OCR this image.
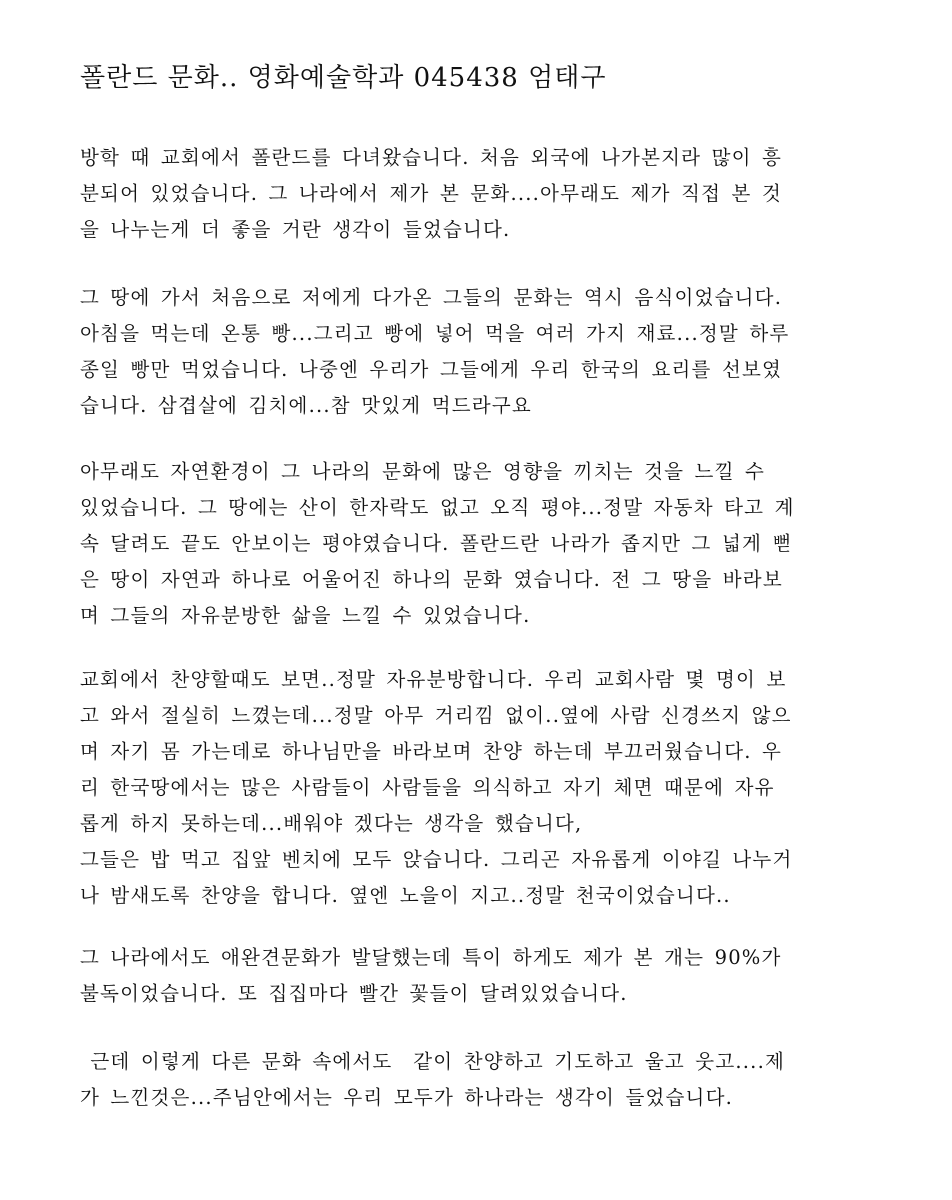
폴란드 문화.. 영화예술학과 045438 엄태구
방학 때 교회에서 폴란드를 다녀왔습니다. 처음 외국에 나가본지라 많이 흥
분되어 있었습니다. 그 나라에서 제가 본 문화....아무래도 제가 직접 본 것
을 나누는게 더 좋을 거란 생각이 들었습니다.
그 땅에 가서 처음으로 저에게 다가온 그들의 문화는 역시 음식이었습니다.
아침을 먹는데 온통 빵...그리고 빵에 넣어 먹을 여러 가지 재료...정말 하루
종일 빵만 먹었습니다. 나중엔 우리가 그들에게 우리 한국의 요리를 선보였
습니다. 삼겹살에 김치에...참 맛있게 먹드라구요
아무래도 자연환경이 그 나라의 문화에 많은 영향을 끼치는 것을 느낄 수
있었습니다. 그 땅에는 산이 한자락도 없고 오직 평야...정말 자동차 타고 계
속 달려도 끝도 안보이는 평야였습니다. 폴란드란 나라가 좁지만 그 넓게 뻗
은 땅이 자연과 하나로 어울어진 하나의 문화 였습니다. 전 그 땅을 바라보
며 그들의 자유분방한 삶을 느낄 수 있었습니다.
교회에서 찬양할때도 보면..정말 자유분방합니다. 우리 교회사람 몇 명이 보
고 와서 절실히 느꼈는데...정말 아무 거리낌 없이..옆에 사람 신경쓰지 않으
며 자기 몸 가는데로 하나님만을 바라보며 찬양 하는데 부끄러웠습니다. 우
리 한국땅에서는 많은 사람들이 사람들을 의식하고 자기 체면 때문에 자유
롭게 하지 못하는데...배워야 겠다는 생각을 했습니다,
그들은 밥 먹고 집앞 벤치에 모두 앉습니다. 그리곤 자유롭게 이야길 나누거
나 밤새도록 찬양을 합니다. 옆엔 노을이 지고..정말 천국이었습니다..
그 나라에서도 애완견문화가 발달했는데 특이 하게도 제가 본 개는 90%가
불독이었습니다. 또 집집마다 빨간 꽃들이 달려있었습니다.
근데 이렇게 다른 문화 속에서도  같이 찬양하고 기도하고 울고 웃고....제
가 느낀것은...주님안에서는 우리 모두가 하나라는 생각이 들었습니다.
